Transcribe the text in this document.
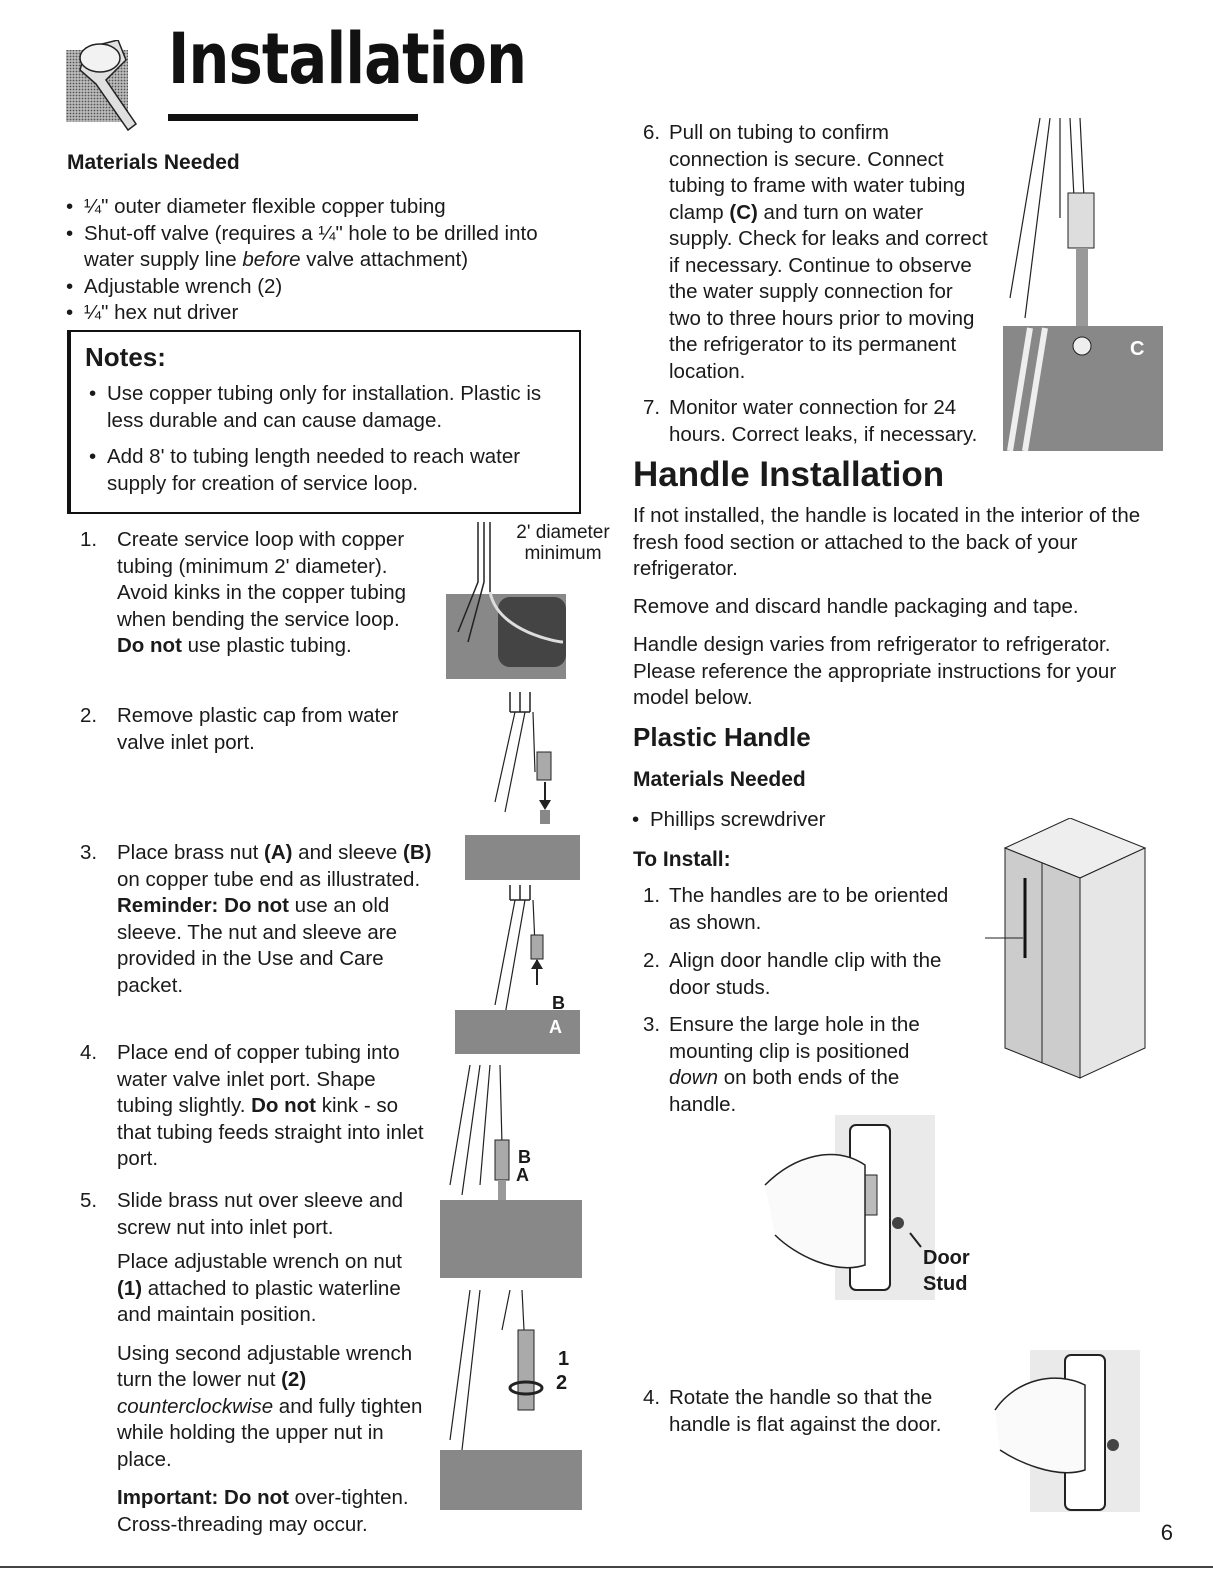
Installation
Materials Needed
• ¼" outer diameter flexible copper tubing
• Shut-off valve (requires a ¼" hole to be drilled into water supply line before valve attachment)
• Adjustable wrench (2)
• ¼" hex nut driver
Notes:
• Use copper tubing only for installation. Plastic is less durable and can cause damage.
• Add 8' to tubing length needed to reach water supply for creation of service loop.
1. Create service loop with copper tubing (minimum 2' diameter). Avoid kinks in the copper tubing when bending the service loop. Do not use plastic tubing.
2. Remove plastic cap from water valve inlet port.
3. Place brass nut (A) and sleeve (B) on copper tube end as illustrated. Reminder: Do not use an old sleeve. The nut and sleeve are provided in the Use and Care packet.
4. Place end of copper tubing into water valve inlet port. Shape tubing slightly. Do not kink - so that tubing feeds straight into inlet port.
5. Slide brass nut over sleeve and screw nut into inlet port.
Place adjustable wrench on nut (1) attached to plastic waterline and maintain position.
Using second adjustable wrench turn the lower nut (2) counterclockwise and fully tighten while holding the upper nut in place.
Important: Do not over-tighten. Cross-threading may occur.
2' diameter minimum
B
A
B
A
1
2
6. Pull on tubing to confirm connection is secure. Connect tubing to frame with water tubing clamp (C) and turn on water supply. Check for leaks and correct if necessary. Continue to observe the water supply connection for two to three hours prior to moving the refrigerator to its permanent location.
7. Monitor water connection for 24 hours. Correct leaks, if necessary.
C
Handle Installation
If not installed, the handle is located in the interior of the fresh food section or attached to the back of your refrigerator.
Remove and discard handle packaging and tape.
Handle design varies from refrigerator to refrigerator. Please reference the appropriate instructions for your model below.
Plastic Handle
Materials Needed
• Phillips screwdriver
To Install:
1. The handles are to be oriented as shown.
2. Align door handle clip with the door studs.
3. Ensure the large hole in the mounting clip is positioned down on both ends of the handle.
4. Rotate the handle so that the handle is flat against the door.
Door Stud
6
